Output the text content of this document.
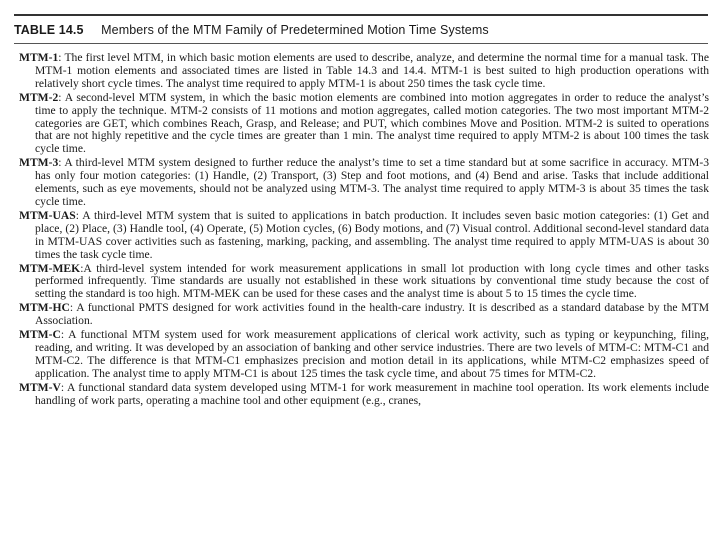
TABLE 14.5 Members of the MTM Family of Predetermined Motion Time Systems

MTM-1: The first level MTM, in which basic motion elements are used to describe, analyze, and determine the normal time for a manual task. The MTM-1 motion elements and associated times are listed in Table 14.3 and 14.4. MTM-1 is best suited to high production operations with relatively short cycle times. The analyst time required to apply MTM-1 is about 250 times the task cycle time.

MTM-2: A second-level MTM system, in which the basic motion elements are combined into motion aggregates in order to reduce the analyst’s time to apply the technique. MTM-2 consists of 11 motions and motion aggregates, called motion categories. The two most important MTM-2 categories are GET, which combines Reach, Grasp, and Release; and PUT, which combines Move and Position. MTM-2 is suited to operations that are not highly repetitive and the cycle times are greater than 1 min. The analyst time required to apply MTM-2 is about 100 times the task cycle time.

MTM-3: A third-level MTM system designed to further reduce the analyst’s time to set a time standard but at some sacrifice in accuracy. MTM-3 has only four motion categories: (1) Handle, (2) Transport, (3) Step and foot motions, and (4) Bend and arise. Tasks that include additional elements, such as eye movements, should not be analyzed using MTM-3. The analyst time required to apply MTM-3 is about 35 times the task cycle time.

MTM-UAS: A third-level MTM system that is suited to applications in batch production. It includes seven basic motion categories: (1) Get and place, (2) Place, (3) Handle tool, (4) Operate, (5) Motion cycles, (6) Body motions, and (7) Visual control. Additional second-level standard data in MTM-UAS cover activities such as fastening, marking, packing, and assembling. The analyst time required to apply MTM-UAS is about 30 times the task cycle time.

MTM-MEK:A third-level system intended for work measurement applications in small lot production with long cycle times and other tasks performed infrequently. Time standards are usually not established in these work situations by conventional time study because the cost of setting the standard is too high. MTM-MEK can be used for these cases and the analyst time is about 5 to 15 times the cycle time.

MTM-HC: A functional PMTS designed for work activities found in the health-care industry. It is described as a standard database by the MTM Association.

MTM-C: A functional MTM system used for work measurement applications of clerical work activity, such as typing or keypunching, filing, reading, and writing. It was developed by an association of banking and other service industries. There are two levels of MTM-C: MTM-C1 and MTM-C2. The difference is that MTM-C1 emphasizes precision and motion detail in its applications, while MTM-C2 emphasizes speed of application. The analyst time to apply MTM-C1 is about 125 times the task cycle time, and about 75 times for MTM-C2.

MTM-V: A functional standard data system developed using MTM-1 for work measurement in machine tool operation. Its work elements include handling of work parts, operating a machine tool and other equipment (e.g., cranes,
